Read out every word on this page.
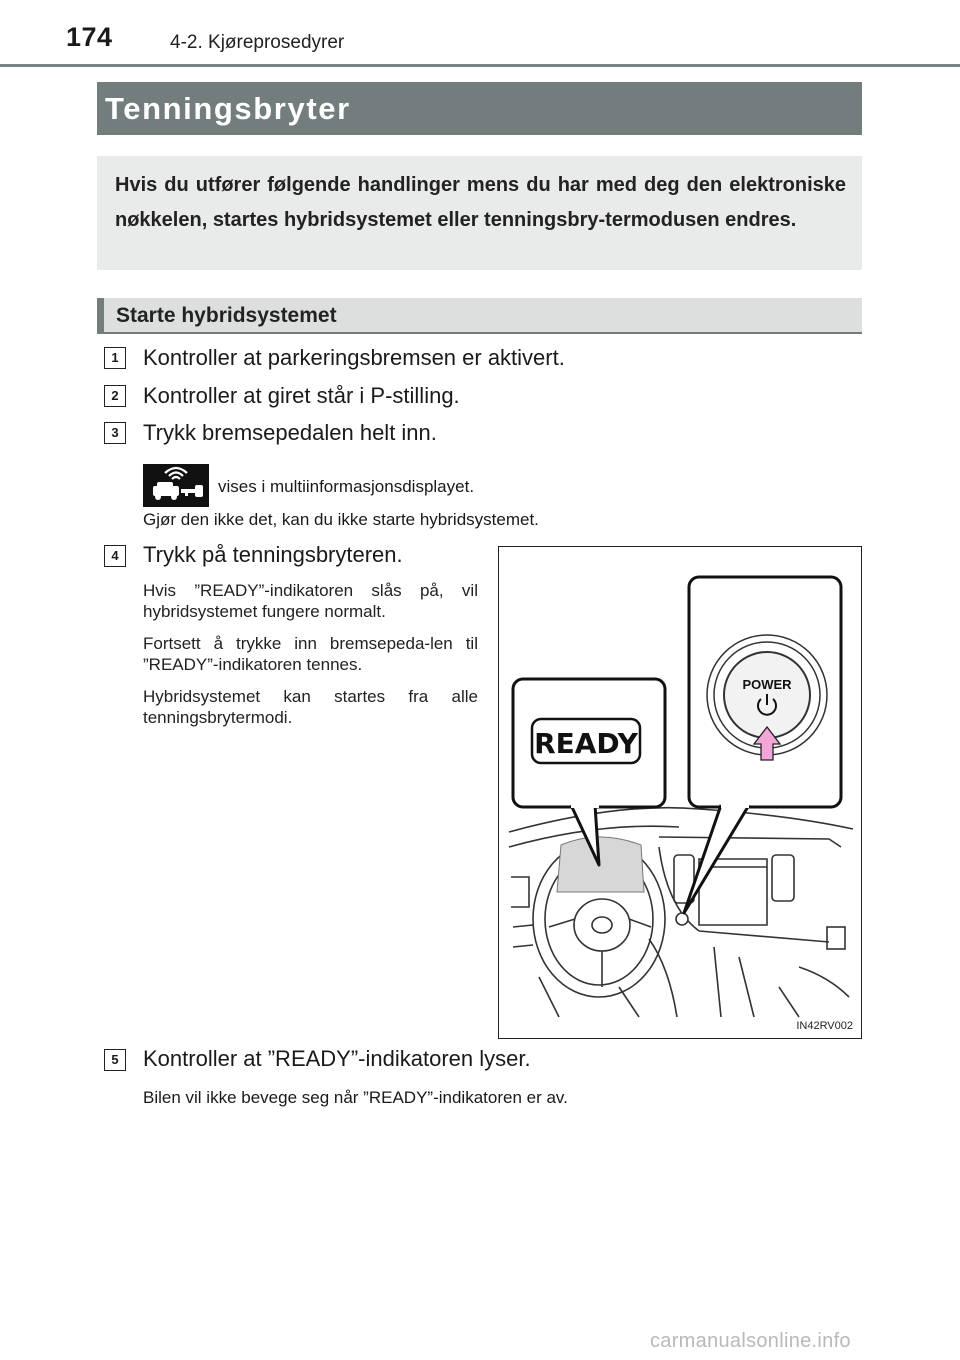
174	4-2. Kjøreprosedyrer
Tenningsbryter
Hvis du utfører følgende handlinger mens du har med deg den elektroniske nøkkelen, startes hybridsystemet eller tenningsbry-termodusen endres.
Starte hybridsystemet
1	Kontroller at parkeringsbremsen er aktivert.
2	Kontroller at giret står i P-stilling.
3	Trykk bremsepedalen helt inn.
vises i multiinformasjonsdisplayet.
Gjør den ikke det, kan du ikke starte hybridsystemet.
4	Trykk på tenningsbryteren.

Hvis ”READY”-indikatoren slås på, vil hybridsystemet fungere normalt.

Fortsett å trykke inn bremsepeda-len til ”READY”-indikatoren tennes.

Hybridsystemet kan startes fra alle tenningsbrytermodi.

READY
POWER
IN42RV002
5	Kontroller at ”READY”-indikatoren lyser.
Bilen vil ikke bevege seg når ”READY”-indikatoren er av.
carmanualsonline.info
